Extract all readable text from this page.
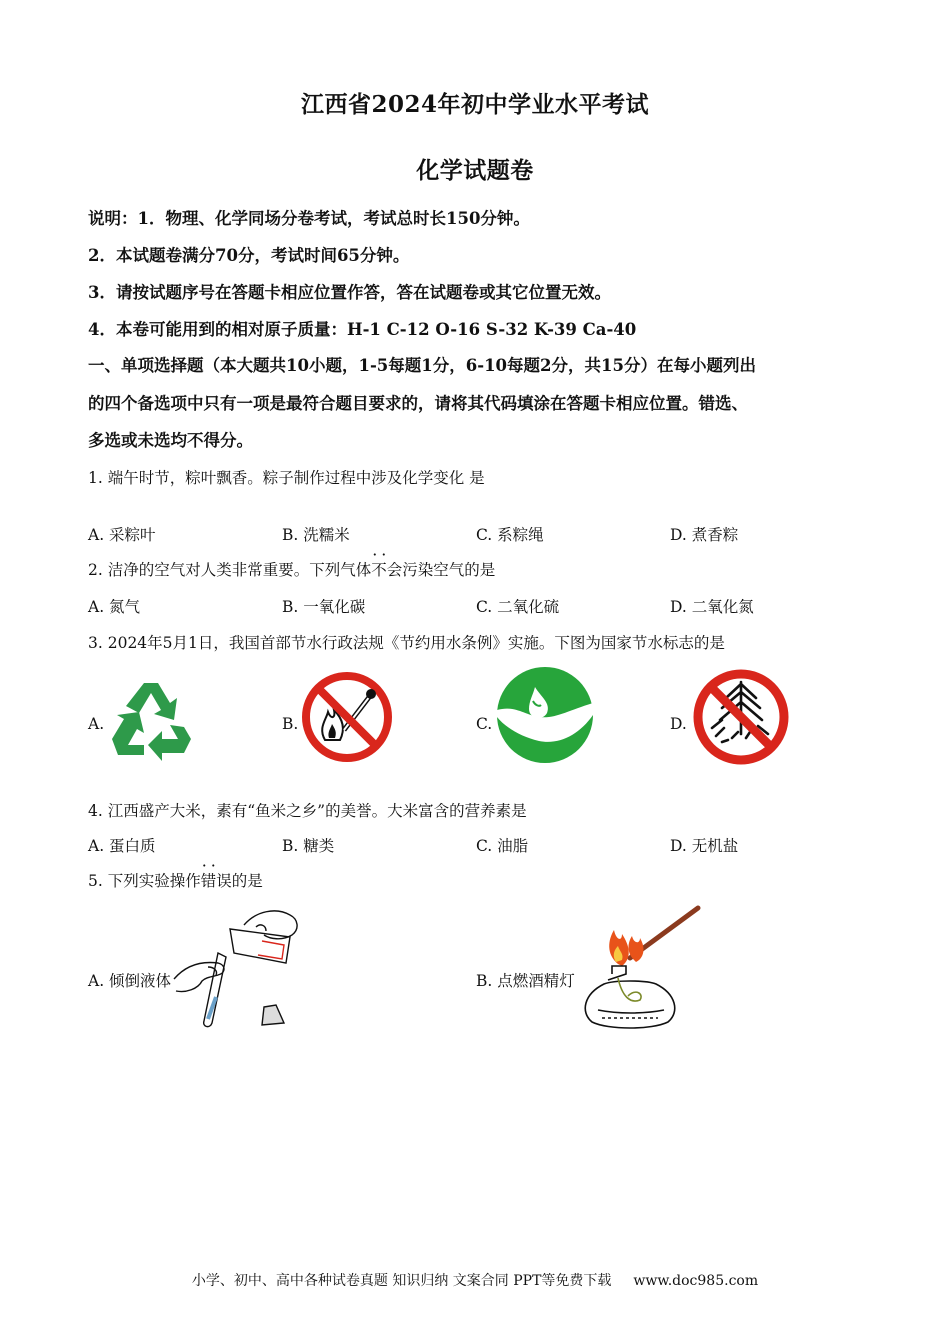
江西省2024年初中学业水平考试
化学试题卷
说明：1．物理、化学同场分卷考试，考试总时长150分钟。
2．本试题卷满分70分，考试时间65分钟。
3．请按试题序号在答题卡相应位置作答，答在试题卷或其它位置无效。
4．本卷可能用到的相对原子质量：H-1 C-12 O-16 S-32 K-39 Ca-40
一、单项选择题（本大题共10小题，1-5每题1分，6-10每题2分，共15分）在每小题列出
的四个备选项中只有一项是最符合题目要求的，请将其代码填涂在答题卡相应位置。错选、
多选或未选均不得分。
1. 端午时节，粽叶飘香。粽子制作过程中涉及化学变化 是
A. 采粽叶	B. 洗糯米	C. 系粽绳	D. 煮香粽
2. 洁净的空气对人类非常重要。下列气体·· 不会污染空气的是
A. 氮气	B. 一氧化碳	C. 二氧化硫	D. 二氧化氮
3. 2024年5月1日，我国首部节水行政法规《节约用水条例》实施。下图为国家节水标志的是
A.	B.	C.	D.
4. 江西盛产大米，素有“鱼米之乡”的美誉。大米富含的营养素是
A. 蛋白质	B. 糖类	C. 油脂	D. 无机盐
5. 下列实验操作·· 错误的是
A. 倾倒液体	B. 点燃酒精灯
小学、初中、高中各种试卷真题 知识归纳 文案合同 PPT等免费下载 www.doc985.com
